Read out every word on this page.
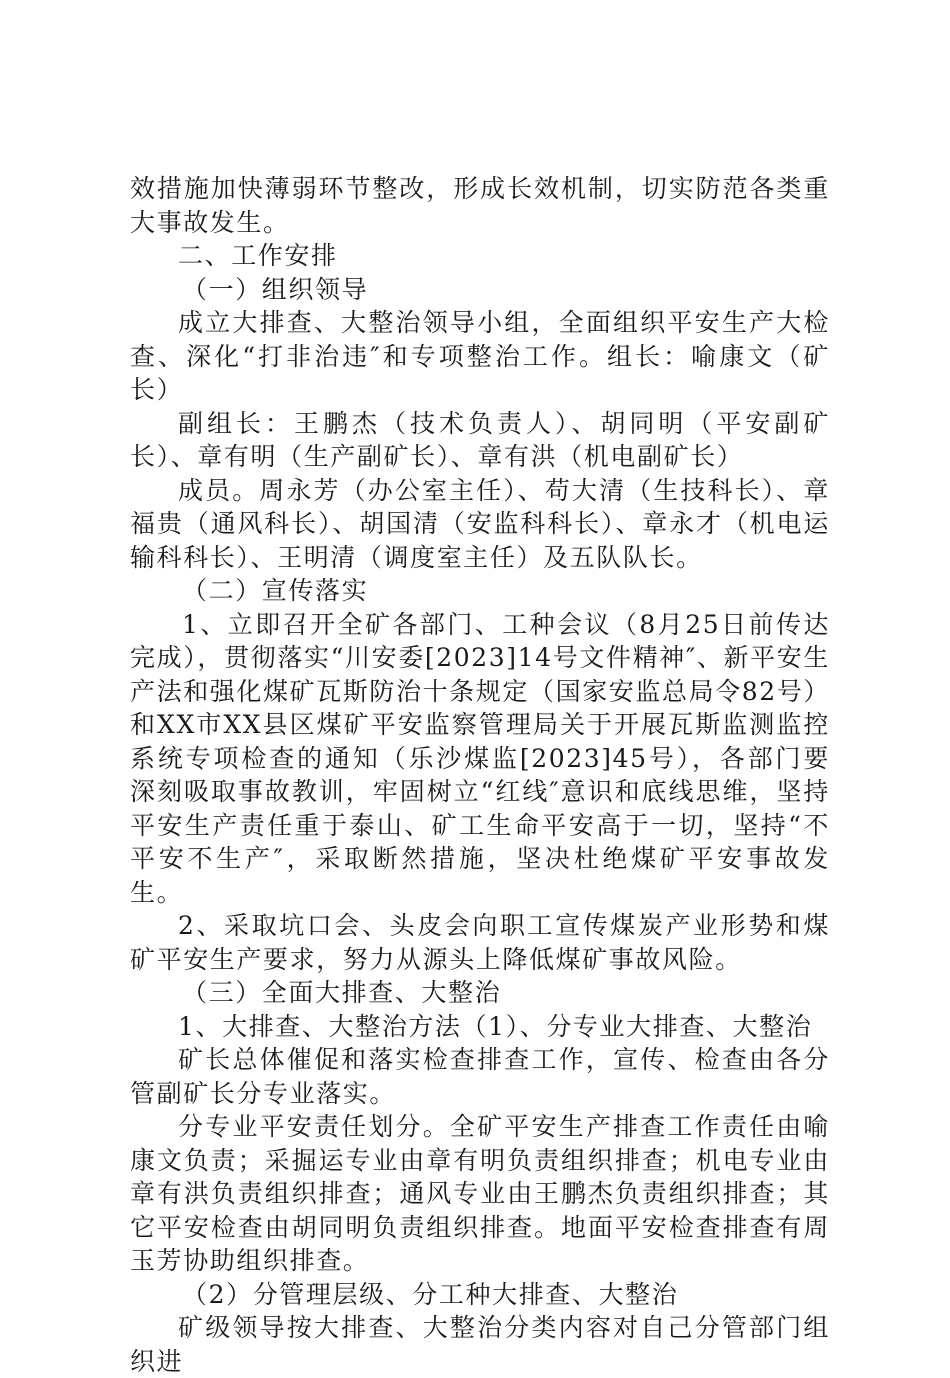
效措施加快薄弱环节整改，形成长效机制，切实防范各类重大事故发生。

二、工作安排

（一）组织领导

成立大排查、大整治领导小组，全面组织平安生产大检查、深化“打非治违″和专项整治工作。组长：喻康文（矿长）

副组长：王鹏杰（技术负责人）、胡同明（平安副矿长）、章有明（生产副矿长）、章有洪（机电副矿长）

成员。周永芳（办公室主任）、苟大清（生技科长）、章福贵（通风科长）、胡国清（安监科科长）、章永才（机电运输科科长）、王明清（调度室主任）及五队队长。

（二）宣传落实

1、立即召开全矿各部门、工种会议（8月25日前传达完成），贯彻落实“川安委[2023]14号文件精神″、新平安生产法和强化煤矿瓦斯防治十条规定（国家安监总局令82号）和XX市XX县区煤矿平安监察管理局关于开展瓦斯监测监控系统专项检查的通知（乐沙煤监[2023]45号），各部门要深刻吸取事故教训，牢固树立“红线″意识和底线思维，坚持平安生产责任重于泰山、矿工生命平安高于一切，坚持“不平安不生产″，采取断然措施，坚决杜绝煤矿平安事故发生。

2、采取坑口会、头皮会向职工宣传煤炭产业形势和煤矿平安生产要求，努力从源头上降低煤矿事故风险。

（三）全面大排查、大整治

1、大排查、大整治方法（1）、分专业大排查、大整治

矿长总体催促和落实检查排查工作，宣传、检查由各分管副矿长分专业落实。

分专业平安责任划分。全矿平安生产排查工作责任由喻康文负责；采掘运专业由章有明负责组织排查；机电专业由章有洪负责组织排查；通风专业由王鹏杰负责组织排查；其它平安检查由胡同明负责组织排查。地面平安检查排查有周玉芳协助组织排查。

（2）分管理层级、分工种大排查、大整治

矿级领导按大排查、大整治分类内容对自己分管部门组织进
